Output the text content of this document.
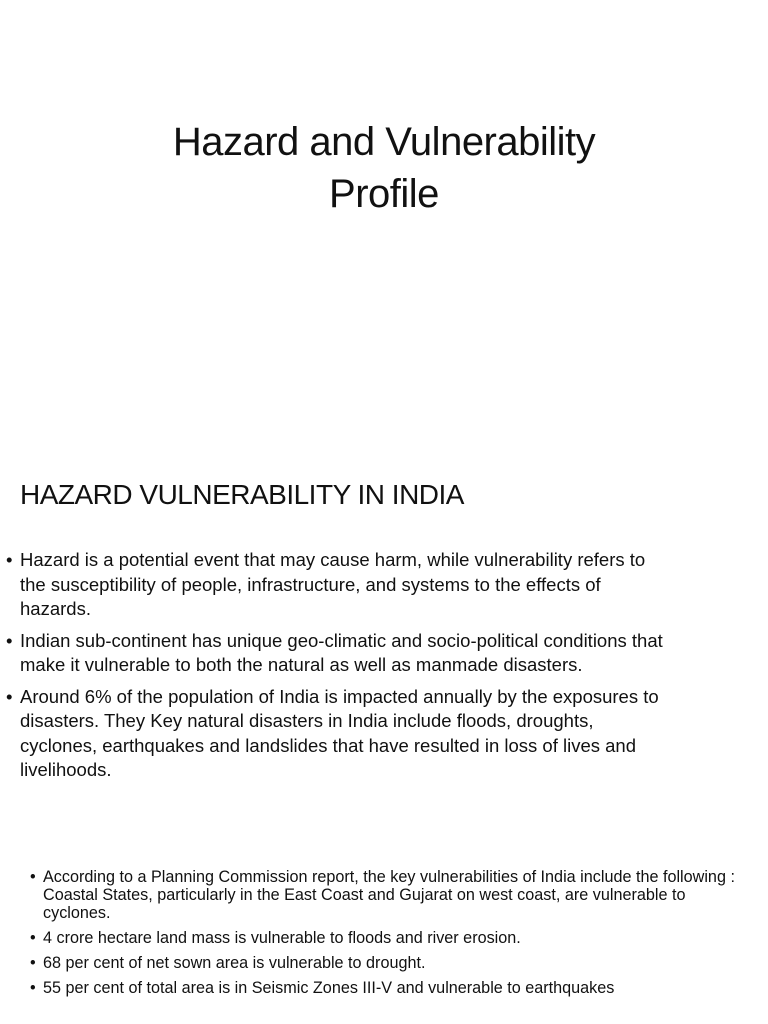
Hazard and Vulnerability
Profile
HAZARD VULNERABILITY IN INDIA
• Hazard is a potential event that may cause harm, while vulnerability refers to the susceptibility of people, infrastructure, and systems to the effects of hazards.
• Indian sub-continent has unique geo-climatic and socio-political conditions that make it vulnerable to both the natural as well as manmade disasters.
• Around 6% of the population of India is impacted annually by the exposures to disasters. They Key natural disasters in India include floods, droughts, cyclones, earthquakes and landslides that have resulted in loss of lives and livelihoods.
• According to a Planning Commission report, the key vulnerabilities of India include the following : Coastal States, particularly in the East Coast and Gujarat on west coast, are vulnerable to cyclones.
• 4 crore hectare land mass is vulnerable to floods and river erosion.
• 68 per cent of net sown area is vulnerable to drought.
• 55 per cent of total area is in Seismic Zones III-V and vulnerable to earthquakes
